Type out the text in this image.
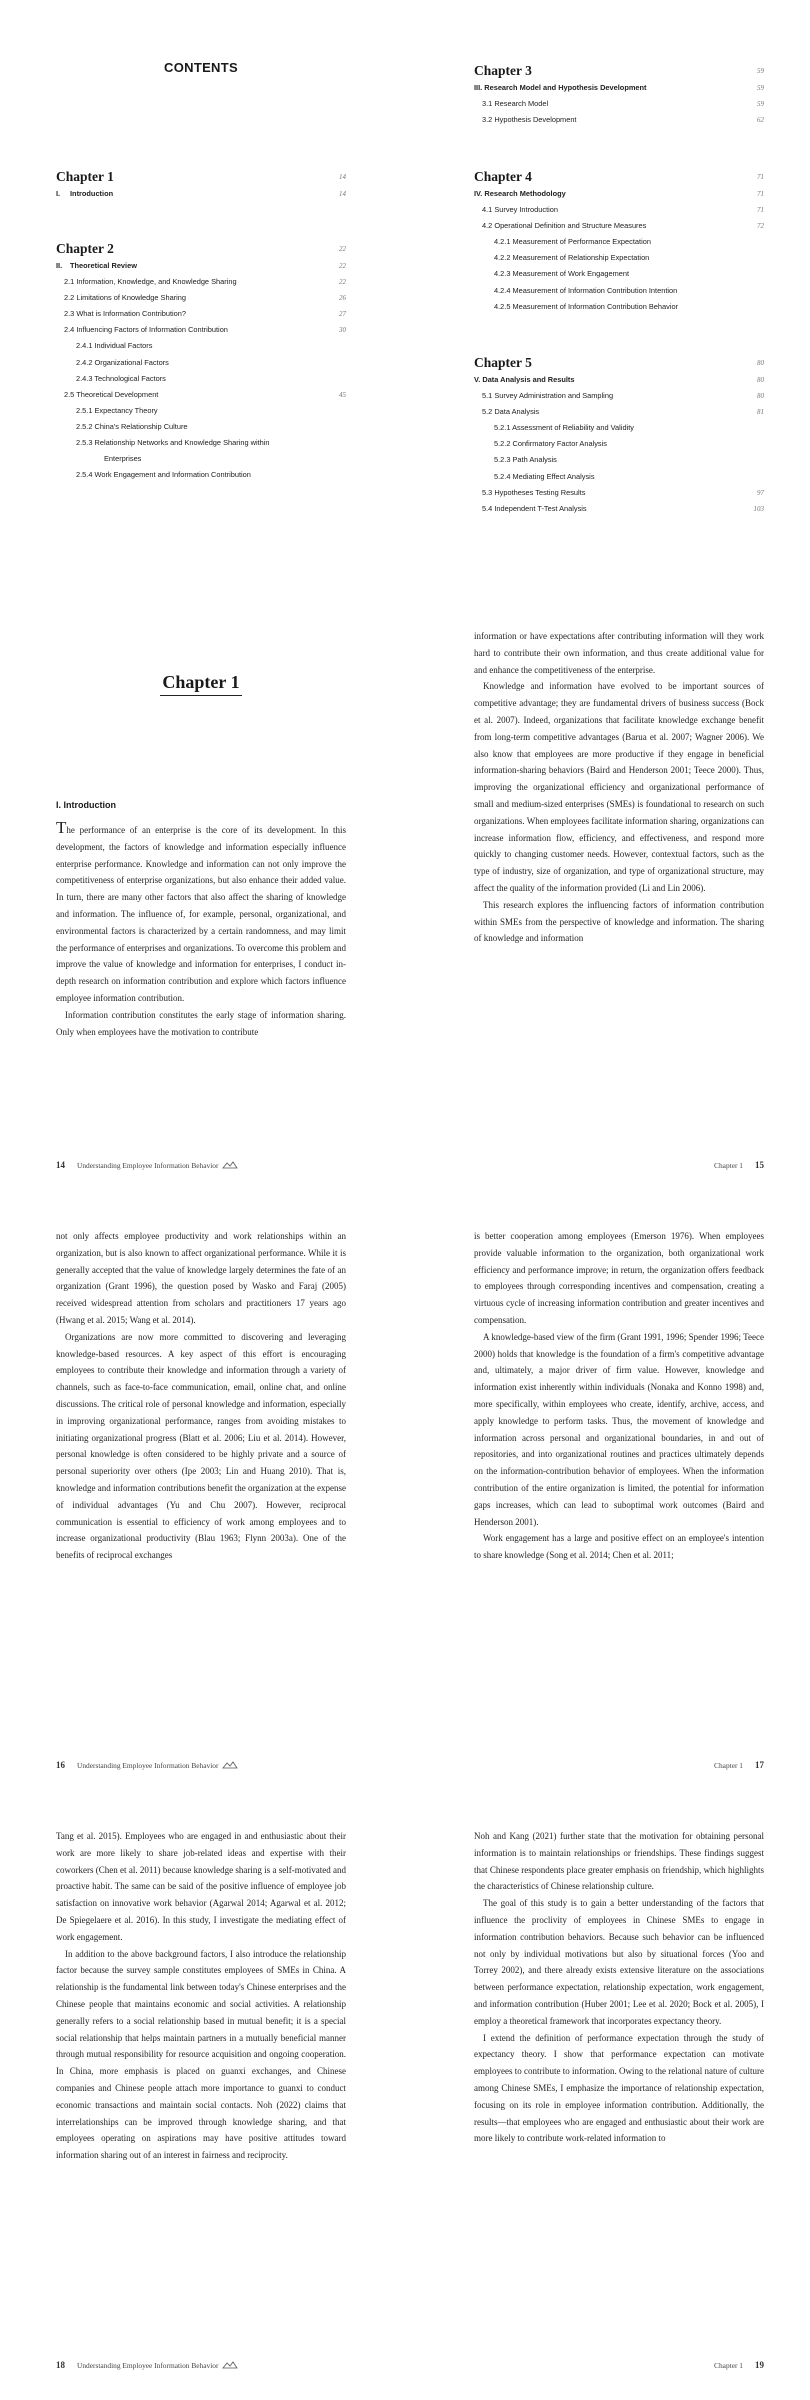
CONTENTS
Chapter 1	14
I. Introduction	14
Chapter 2	22
II. Theoretical Review	22
2.1 Information, Knowledge, and Knowledge Sharing	22
2.2 Limitations of Knowledge Sharing	26
2.3 What is Information Contribution?	27
2.4 Influencing Factors of Information Contribution	30
2.4.1 Individual Factors
2.4.2 Organizational Factors
2.4.3 Technological Factors
2.5 Theoretical Development	45
2.5.1 Expectancy Theory
2.5.2 China's Relationship Culture
2.5.3 Relationship Networks and Knowledge Sharing within
Enterprises
2.5.4 Work Engagement and Information Contribution
Chapter 3	59
III. Research Model and Hypothesis Development	59
3.1 Research Model	59
3.2 Hypothesis Development	62
Chapter 4	71
IV. Research Methodology	71
4.1 Survey Introduction	71
4.2 Operational Definition and Structure Measures	72
4.2.1 Measurement of Performance Expectation
4.2.2 Measurement of Relationship Expectation
4.2.3 Measurement of Work Engagement
4.2.4 Measurement of Information Contribution Intention
4.2.5 Measurement of Information Contribution Behavior
Chapter 5	80
V. Data Analysis and Results	80
5.1 Survey Administration and Sampling	80
5.2 Data Analysis	81
5.2.1 Assessment of Reliability and Validity
5.2.2 Confirmatory Factor Analysis
5.2.3 Path Analysis
5.2.4 Mediating Effect Analysis
5.3 Hypotheses Testing Results	97
5.4 Independent T-Test Analysis	103
Chapter 1
I. Introduction

The performance of an enterprise is the core of its development. In this development, the factors of knowledge and information especially influence enterprise performance. Knowledge and information can not only improve the competitiveness of enterprise organizations, but also enhance their added value. In turn, there are many other factors that also affect the sharing of knowledge and information. The influence of, for example, personal, organizational, and environmental factors is characterized by a certain randomness, and may limit the performance of enterprises and organizations. To overcome this problem and improve the value of knowledge and information for enterprises, I conduct in-depth research on information contribution and explore which factors influence employee information contribution.

Information contribution constitutes the early stage of information sharing. Only when employees have the motivation to contribute

14 Understanding Employee Information Behavior

information or have expectations after contributing information will they work hard to contribute their own information, and thus create additional value for and enhance the competitiveness of the enterprise.

Knowledge and information have evolved to be important sources of competitive advantage; they are fundamental drivers of business success (Bock et al. 2007). Indeed, organizations that facilitate knowledge exchange benefit from long-term competitive advantages (Barua et al. 2007; Wagner 2006). We also know that employees are more productive if they engage in beneficial information-sharing behaviors (Baird and Henderson 2001; Teece 2000). Thus, improving the organizational efficiency and organizational performance of small and medium-sized enterprises (SMEs) is foundational to research on such organizations. When employees facilitate information sharing, organizations can increase information flow, efficiency, and effectiveness, and respond more quickly to changing customer needs. However, contextual factors, such as the type of industry, size of organization, and type of organizational structure, may affect the quality of the information provided (Li and Lin 2006).

This research explores the influencing factors of information contribution within SMEs from the perspective of knowledge and information. The sharing of knowledge and information

Chapter 1 15

not only affects employee productivity and work relationships within an organization, but is also known to affect organizational performance. While it is generally accepted that the value of knowledge largely determines the fate of an organization (Grant 1996), the question posed by Wasko and Faraj (2005) received widespread attention from scholars and practitioners 17 years ago (Hwang et al. 2015; Wang et al. 2014).

Organizations are now more committed to discovering and leveraging knowledge-based resources. A key aspect of this effort is encouraging employees to contribute their knowledge and information through a variety of channels, such as face-to-face communication, email, online chat, and online discussions. The critical role of personal knowledge and information, especially in improving organizational performance, ranges from avoiding mistakes to initiating organizational progress (Blatt et al. 2006; Liu et al. 2014). However, personal knowledge is often considered to be highly private and a source of personal superiority over others (Ipe 2003; Lin and Huang 2010). That is, knowledge and information contributions benefit the organization at the expense of individual advantages (Yu and Chu 2007). However, reciprocal communication is essential to efficiency of work among employees and to increase organizational productivity (Blau 1963; Flynn 2003a). One of the benefits of reciprocal exchanges

16 Understanding Employee Information Behavior

is better cooperation among employees (Emerson 1976). When employees provide valuable information to the organization, both organizational work efficiency and performance improve; in return, the organization offers feedback to employees through corresponding incentives and compensation, creating a virtuous cycle of increasing information contribution and greater incentives and compensation.

A knowledge-based view of the firm (Grant 1991, 1996; Spender 1996; Teece 2000) holds that knowledge is the foundation of a firm's competitive advantage and, ultimately, a major driver of firm value. However, knowledge and information exist inherently within individuals (Nonaka and Konno 1998) and, more specifically, within employees who create, identify, archive, access, and apply knowledge to perform tasks. Thus, the movement of knowledge and information across personal and organizational boundaries, in and out of repositories, and into organizational routines and practices ultimately depends on the information-contribution behavior of employees. When the information contribution of the entire organization is limited, the potential for information gaps increases, which can lead to suboptimal work outcomes (Baird and Henderson 2001).

Work engagement has a large and positive effect on an employee's intention to share knowledge (Song et al. 2014; Chen et al. 2011;

Chapter 1 17

Tang et al. 2015). Employees who are engaged in and enthusiastic about their work are more likely to share job-related ideas and expertise with their coworkers (Chen et al. 2011) because knowledge sharing is a self-motivated and proactive habit. The same can be said of the positive influence of employee job satisfaction on innovative work behavior (Agarwal 2014; Agarwal et al. 2012; De Spiegelaere et al. 2016). In this study, I investigate the mediating effect of work engagement.

In addition to the above background factors, I also introduce the relationship factor because the survey sample constitutes employees of SMEs in China. A relationship is the fundamental link between today's Chinese enterprises and the Chinese people that maintains economic and social activities. A relationship generally refers to a social relationship based in mutual benefit; it is a special social relationship that helps maintain partners in a mutually beneficial manner through mutual responsibility for resource acquisition and ongoing cooperation. In China, more emphasis is placed on guanxi exchanges, and Chinese companies and Chinese people attach more importance to guanxi to conduct economic transactions and maintain social contacts. Noh (2022) claims that interrelationships can be improved through knowledge sharing, and that employees operating on aspirations may have positive attitudes toward information sharing out of an interest in fairness and reciprocity.

18 Understanding Employee Information Behavior

Noh and Kang (2021) further state that the motivation for obtaining personal information is to maintain relationships or friendships. These findings suggest that Chinese respondents place greater emphasis on friendship, which highlights the characteristics of Chinese relationship culture.

The goal of this study is to gain a better understanding of the factors that influence the proclivity of employees in Chinese SMEs to engage in information contribution behaviors. Because such behavior can be influenced not only by individual motivations but also by situational forces (Yoo and Torrey 2002), and there already exists extensive literature on the associations between performance expectation, relationship expectation, work engagement, and information contribution (Huber 2001; Lee et al. 2020; Bock et al. 2005), I employ a theoretical framework that incorporates expectancy theory.

I extend the definition of performance expectation through the study of expectancy theory. I show that performance expectation can motivate employees to contribute to information. Owing to the relational nature of culture among Chinese SMEs, I emphasize the importance of relationship expectation, focusing on its role in employee information contribution. Additionally, the results—that employees who are engaged and enthusiastic about their work are more likely to contribute work-related information to

Chapter 1 19
